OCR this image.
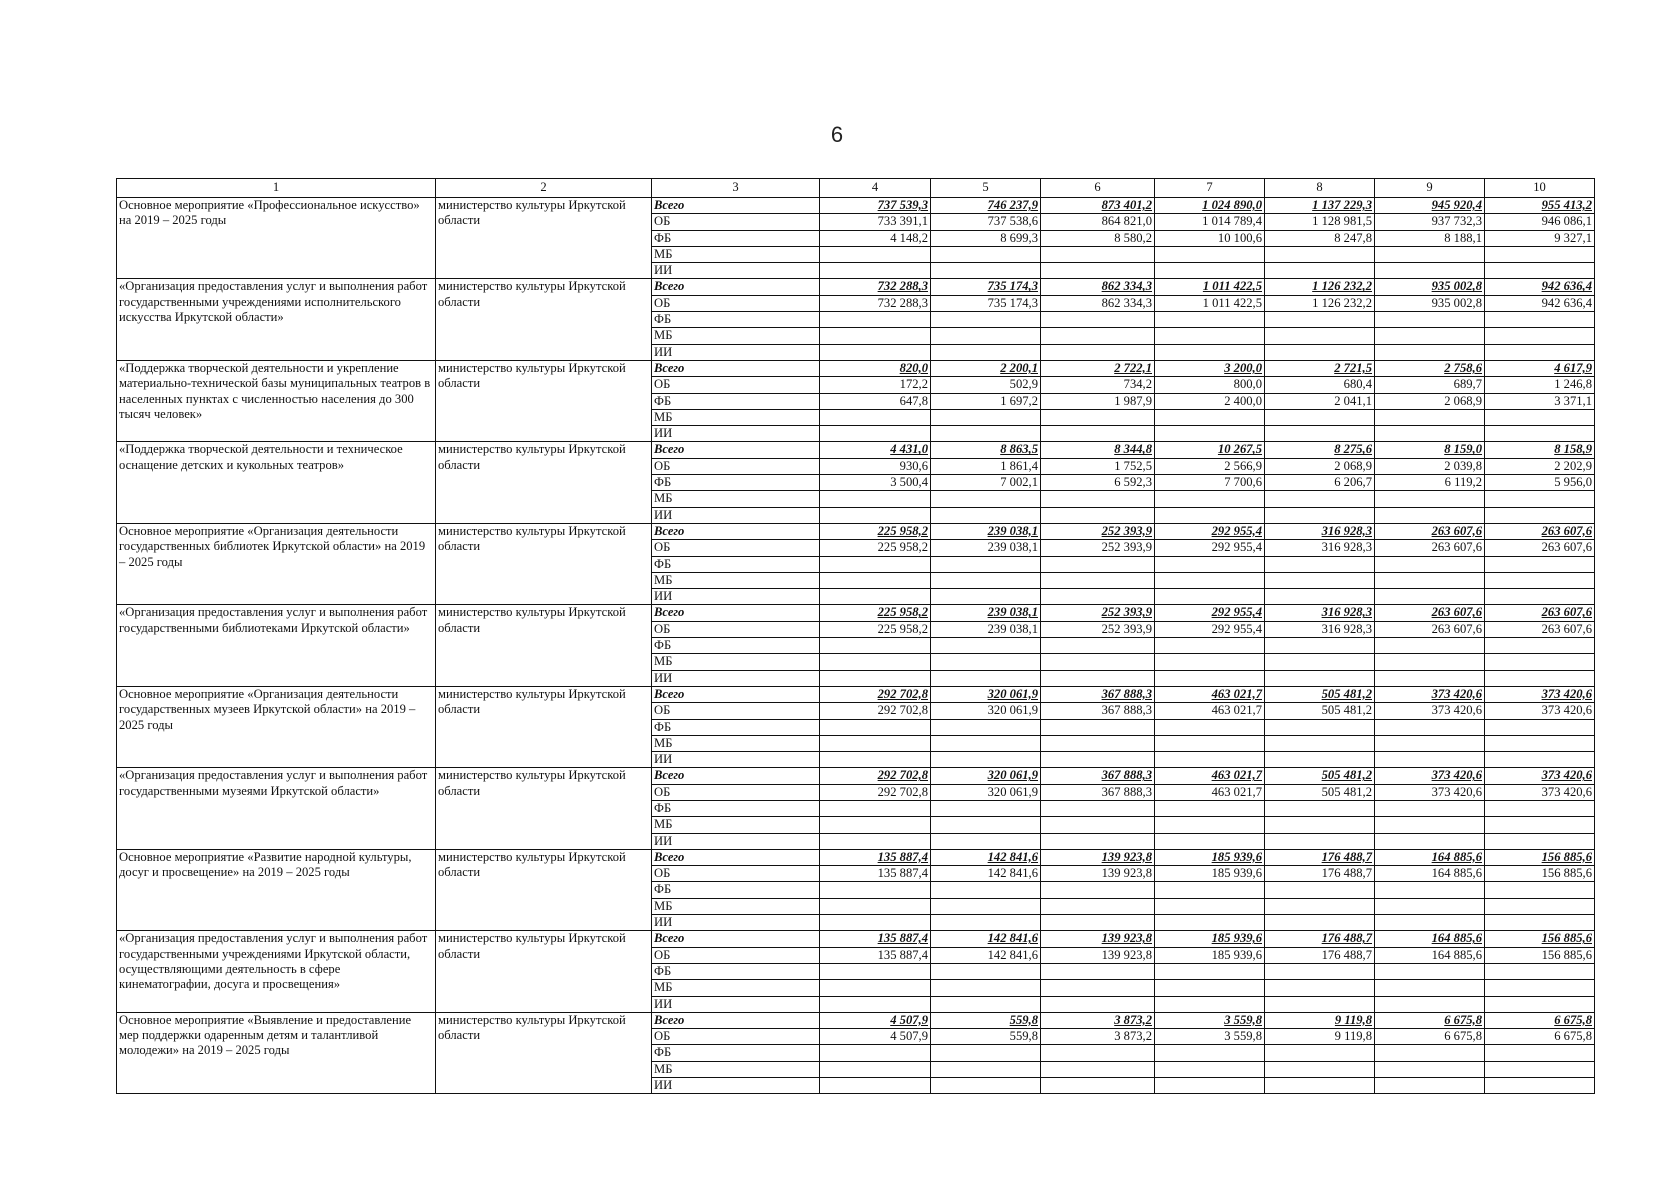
6
1	2	3	4	5	6	7	8	9	10
Основное мероприятие «Профессиональное искусство» на 2019 – 2025 годы	министерство культуры Иркутской области	Всего	737 539,3	746 237,9	873 401,2	1 024 890,0	1 137 229,3	945 920,4	955 413,2
		ОБ	733 391,1	737 538,6	864 821,0	1 014 789,4	1 128 981,5	937 732,3	946 086,1
		ФБ	4 148,2	8 699,3	8 580,2	10 100,6	8 247,8	8 188,1	9 327,1
		МБ							
		ИИ							
«Организация предоставления услуг и выполнения работ государственными учреждениями исполнительского искусства Иркутской области»	министерство культуры Иркутской области	Всего	732 288,3	735 174,3	862 334,3	1 011 422,5	1 126 232,2	935 002,8	942 636,4
		ОБ	732 288,3	735 174,3	862 334,3	1 011 422,5	1 126 232,2	935 002,8	942 636,4
		ФБ							
		МБ							
		ИИ							
«Поддержка творческой деятельности и укрепление материально-технической базы муниципальных театров в населенных пунктах с численностью населения до 300 тысяч человек»	министерство культуры Иркутской области	Всего	820,0	2 200,1	2 722,1	3 200,0	2 721,5	2 758,6	4 617,9
		ОБ	172,2	502,9	734,2	800,0	680,4	689,7	1 246,8
		ФБ	647,8	1 697,2	1 987,9	2 400,0	2 041,1	2 068,9	3 371,1
		МБ							
		ИИ							
«Поддержка творческой деятельности и техническое оснащение детских и кукольных театров»	министерство культуры Иркутской области	Всего	4 431,0	8 863,5	8 344,8	10 267,5	8 275,6	8 159,0	8 158,9
		ОБ	930,6	1 861,4	1 752,5	2 566,9	2 068,9	2 039,8	2 202,9
		ФБ	3 500,4	7 002,1	6 592,3	7 700,6	6 206,7	6 119,2	5 956,0
		МБ							
		ИИ							
Основное мероприятие «Организация деятельности государственных библиотек Иркутской области» на 2019 – 2025 годы	министерство культуры Иркутской области	Всего	225 958,2	239 038,1	252 393,9	292 955,4	316 928,3	263 607,6	263 607,6
		ОБ	225 958,2	239 038,1	252 393,9	292 955,4	316 928,3	263 607,6	263 607,6
		ФБ							
		МБ							
		ИИ							
«Организация предоставления услуг и выполнения работ государственными библиотеками Иркутской области»	министерство культуры Иркутской области	Всего	225 958,2	239 038,1	252 393,9	292 955,4	316 928,3	263 607,6	263 607,6
		ОБ	225 958,2	239 038,1	252 393,9	292 955,4	316 928,3	263 607,6	263 607,6
		ФБ							
		МБ							
		ИИ							
Основное мероприятие «Организация деятельности государственных музеев Иркутской области» на 2019 – 2025 годы	министерство культуры Иркутской области	Всего	292 702,8	320 061,9	367 888,3	463 021,7	505 481,2	373 420,6	373 420,6
		ОБ	292 702,8	320 061,9	367 888,3	463 021,7	505 481,2	373 420,6	373 420,6
		ФБ							
		МБ							
		ИИ							
«Организация предоставления услуг и выполнения работ государственными музеями Иркутской области»	министерство культуры Иркутской области	Всего	292 702,8	320 061,9	367 888,3	463 021,7	505 481,2	373 420,6	373 420,6
		ОБ	292 702,8	320 061,9	367 888,3	463 021,7	505 481,2	373 420,6	373 420,6
		ФБ							
		МБ							
		ИИ							
Основное мероприятие «Развитие народной культуры, досуг и просвещение» на 2019 – 2025 годы	министерство культуры Иркутской области	Всего	135 887,4	142 841,6	139 923,8	185 939,6	176 488,7	164 885,6	156 885,6
		ОБ	135 887,4	142 841,6	139 923,8	185 939,6	176 488,7	164 885,6	156 885,6
		ФБ							
		МБ							
		ИИ							
«Организация предоставления услуг и выполнения работ государственными учреждениями Иркутской области, осуществляющими деятельность в сфере кинематографии, досуга и просвещения»	министерство культуры Иркутской области	Всего	135 887,4	142 841,6	139 923,8	185 939,6	176 488,7	164 885,6	156 885,6
		ОБ	135 887,4	142 841,6	139 923,8	185 939,6	176 488,7	164 885,6	156 885,6
		ФБ							
		МБ							
		ИИ							
Основное мероприятие «Выявление и предоставление мер поддержки одаренным детям и талантливой молодежи» на 2019 – 2025 годы	министерство культуры Иркутской области	Всего	4 507,9	559,8	3 873,2	3 559,8	9 119,8	6 675,8	6 675,8
		ОБ	4 507,9	559,8	3 873,2	3 559,8	9 119,8	6 675,8	6 675,8
		ФБ							
		МБ							
		ИИ							
